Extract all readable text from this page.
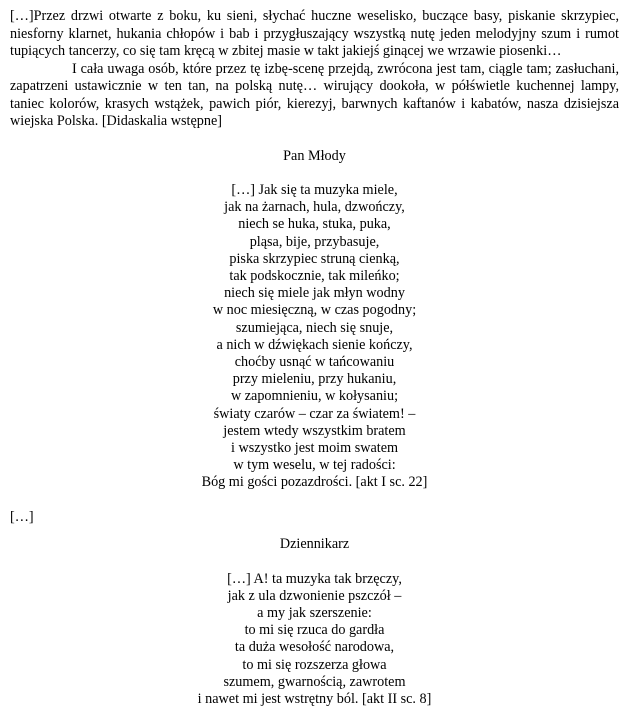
[…]Przez drzwi otwarte z boku, ku sieni, słychać huczne weselisko, buczące basy, piskanie skrzypiec, niesforny klarnet, hukania chłopów i bab i przygłuszający wszystką nutę jeden melodyjny szum i rumot tupiących tancerzy, co się tam kręcą w zbitej masie w takt jakiejś ginącej we wrzawie piosenki…

I cała uwaga osób, które przez tę izbę-scenę przejdą, zwrócona jest tam, ciągle tam; zasłuchani, zapatrzeni ustawicznie w ten tan, na polską nutę… wirujący dookoła, w półświetle kuchennej lampy, taniec kolorów, krasych wstążek, pawich piór, kierezyj, barwnych kaftanów i kabatów, nasza dzisiejsza wiejska Polska. [Didaskalia wstępne]

Pan Młody

[…] Jak się ta muzyka miele,
jak na żarnach, hula, dzwończy,
niech se huka, stuka, puka,
pląsa, bije, przybasuje,
piska skrzypiec struną cienką,
tak podskocznie, tak mileńko;
niech się miele jak młyn wodny
w noc miesięczną, w czas pogodny;
szumiejąca, niech się snuje,
a nich w dźwiękach sienie kończy,
choćby usnąć w tańcowaniu
przy mieleniu, przy hukaniu,
w zapomnieniu, w kołysaniu;
światy czarów – czar za światem! –
jestem wtedy wszystkim bratem
i wszystko jest moim swatem
w tym weselu, w tej radości:
Bóg mi gości pozazdrości. [akt I sc. 22]

[…]

Dziennikarz

[…] A! ta muzyka tak brzęczy,
jak z ula dzwonienie pszczół –
a my jak szerszenie:
to mi się rzuca do gardła
ta duża wesołość narodowa,
to mi się rozszerza głowa
szumem, gwarnością, zawrotem
i nawet mi jest wstrętny ból. [akt II sc. 8]
